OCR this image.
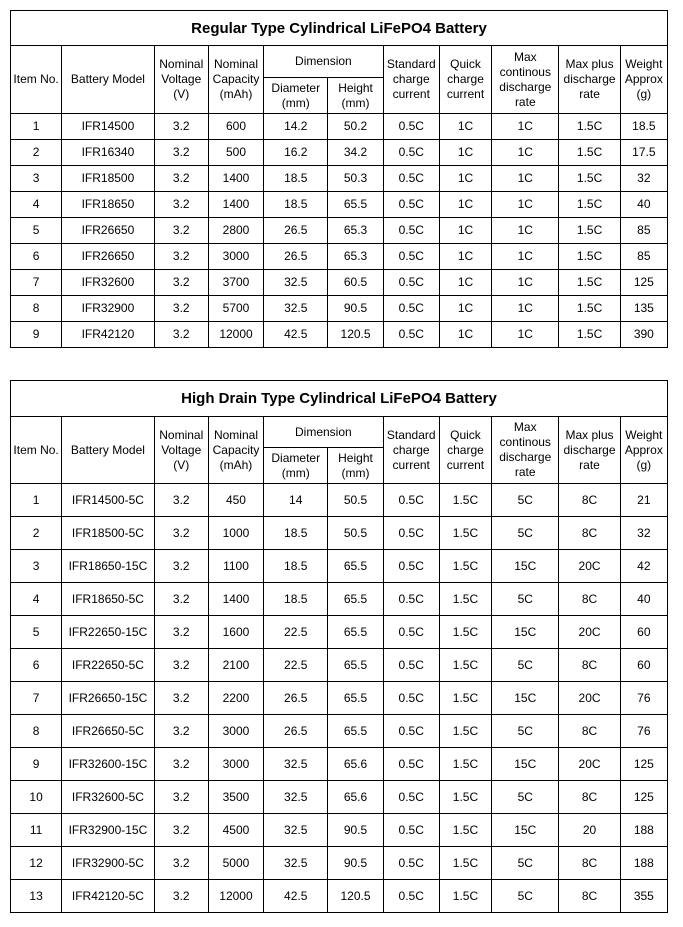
Regular Type Cylindrical LiFePO4 Battery										
Item No.	Battery Model	Nominal Voltage (V)	Nominal Capacity (mAh)	Dimension		Standard charge current	Quick charge current	Max continous discharge rate	Max plus discharge rate	Weight Approx (g)
				Diameter (mm)	Height (mm)					
1	IFR14500	3.2	600	14.2	50.2	0.5C	1C	1C	1.5C	18.5
2	IFR16340	3.2	500	16.2	34.2	0.5C	1C	1C	1.5C	17.5
3	IFR18500	3.2	1400	18.5	50.3	0.5C	1C	1C	1.5C	32
4	IFR18650	3.2	1400	18.5	65.5	0.5C	1C	1C	1.5C	40
5	IFR26650	3.2	2800	26.5	65.3	0.5C	1C	1C	1.5C	85
6	IFR26650	3.2	3000	26.5	65.3	0.5C	1C	1C	1.5C	85
7	IFR32600	3.2	3700	32.5	60.5	0.5C	1C	1C	1.5C	125
8	IFR32900	3.2	5700	32.5	90.5	0.5C	1C	1C	1.5C	135
9	IFR42120	3.2	12000	42.5	120.5	0.5C	1C	1C	1.5C	390
High Drain Type Cylindrical LiFePO4 Battery										
Item No.	Battery Model	Nominal Voltage (V)	Nominal Capacity (mAh)	Dimension		Standard charge current	Quick charge current	Max continous discharge rate	Max plus discharge rate	Weight Approx (g)
				Diameter (mm)	Height (mm)					
1	IFR14500-5C	3.2	450	14	50.5	0.5C	1.5C	5C	8C	21
2	IFR18500-5C	3.2	1000	18.5	50.5	0.5C	1.5C	5C	8C	32
3	IFR18650-15C	3.2	1100	18.5	65.5	0.5C	1.5C	15C	20C	42
4	IFR18650-5C	3.2	1400	18.5	65.5	0.5C	1.5C	5C	8C	40
5	IFR22650-15C	3.2	1600	22.5	65.5	0.5C	1.5C	15C	20C	60
6	IFR22650-5C	3.2	2100	22.5	65.5	0.5C	1.5C	5C	8C	60
7	IFR26650-15C	3.2	2200	26.5	65.5	0.5C	1.5C	15C	20C	76
8	IFR26650-5C	3.2	3000	26.5	65.5	0.5C	1.5C	5C	8C	76
9	IFR32600-15C	3.2	3000	32.5	65.6	0.5C	1.5C	15C	20C	125
10	IFR32600-5C	3.2	3500	32.5	65.6	0.5C	1.5C	5C	8C	125
11	IFR32900-15C	3.2	4500	32.5	90.5	0.5C	1.5C	15C	20	188
12	IFR32900-5C	3.2	5000	32.5	90.5	0.5C	1.5C	5C	8C	188
13	IFR42120-5C	3.2	12000	42.5	120.5	0.5C	1.5C	5C	8C	355
